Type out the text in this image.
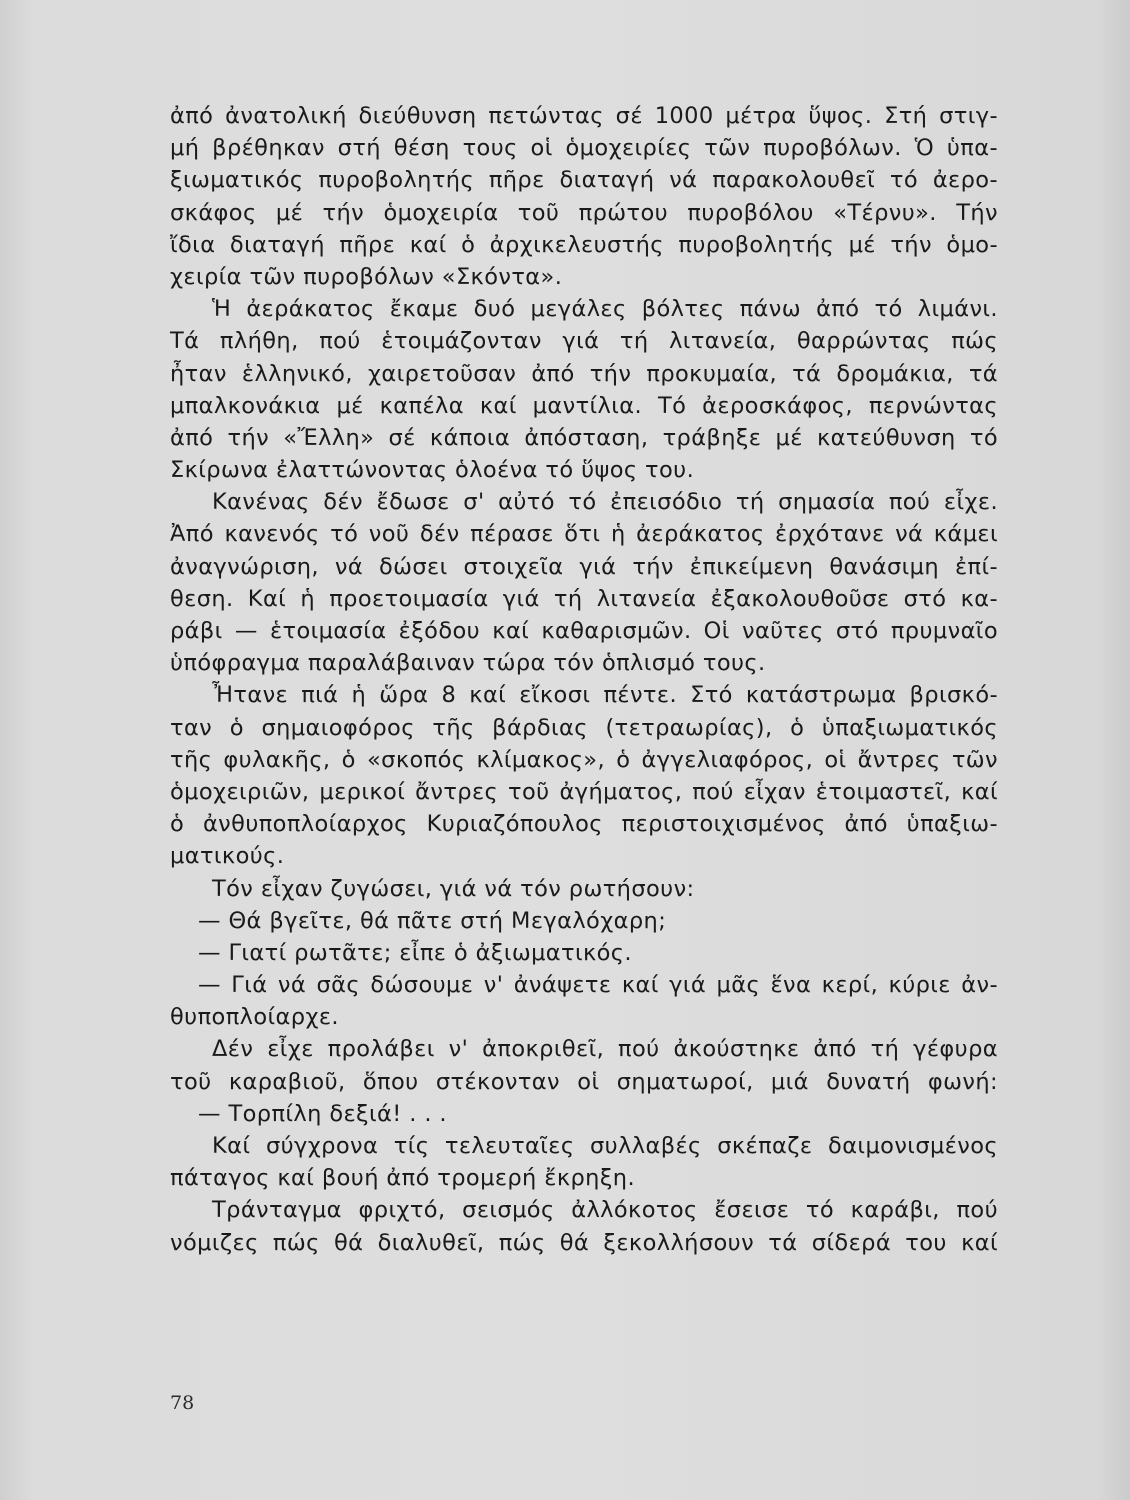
ἀπό ἀνατολική διεύθυνση πετώντας σέ 1000 μέτρα ὕψος. Στή στιγ-
μή βρέθηκαν στή θέση τους οἱ ὁμοχειρίες τῶν πυροβόλων. Ὁ ὑπα-
ξιωματικός πυροβολητής πῆρε διαταγή νά παρακολουθεῖ τό ἀερο-
σκάφος μέ τήν ὁμοχειρία τοῦ πρώτου πυροβόλου «Τέρνυ». Τήν
ἴδια διαταγή πῆρε καί ὁ ἀρχικελευστής πυροβολητής μέ τήν ὁμο-
χειρία τῶν πυροβόλων «Σκόντα».
Ἡ ἀεράκατος ἔκαμε δυό μεγάλες βόλτες πάνω ἀπό τό λιμάνι.
Τά πλήθη, πού ἑτοιμάζονταν γιά τή λιτανεία, θαρρώντας πώς
ἦταν ἑλληνικό, χαιρετοῦσαν ἀπό τήν προκυμαία, τά δρομάκια, τά
μπαλκονάκια μέ καπέλα καί μαντίλια. Τό ἀεροσκάφος, περνώντας
ἀπό τήν «Ἔλλη» σέ κάποια ἀπόσταση, τράβηξε μέ κατεύθυνση τό
Σκίρωνα ἐλαττώνοντας ὁλοένα τό ὕψος του.
Κανένας δέν ἔδωσε σ' αὐτό τό ἐπεισόδιο τή σημασία πού εἶχε.
Ἀπό κανενός τό νοῦ δέν πέρασε ὅτι ἡ ἀεράκατος ἐρχότανε νά κάμει
ἀναγνώριση, νά δώσει στοιχεῖα γιά τήν ἐπικείμενη θανάσιμη ἐπί-
θεση. Καί ἡ προετοιμασία γιά τή λιτανεία ἐξακολουθοῦσε στό κα-
ράβι — ἑτοιμασία ἐξόδου καί καθαρισμῶν. Οἱ ναῦτες στό πρυμναῖο
ὑπόφραγμα παραλάβαιναν τώρα τόν ὁπλισμό τους.
Ἦτανε πιά ἡ ὥρα 8 καί εἴκοσι πέντε. Στό κατάστρωμα βρισκό-
ταν ὁ σημαιοφόρος τῆς βάρδιας (τετραωρίας), ὁ ὑπαξιωματικός
τῆς φυλακῆς, ὁ «σκοπός κλίμακος», ὁ ἀγγελιαφόρος, οἱ ἄντρες τῶν
ὁμοχειριῶν, μερικοί ἄντρες τοῦ ἀγήματος, πού εἶχαν ἑτοιμαστεῖ, καί
ὁ ἀνθυποπλοίαρχος Κυριαζόπουλος περιστοιχισμένος ἀπό ὑπαξιω-
ματικούς.
Τόν εἶχαν ζυγώσει, γιά νά τόν ρωτήσουν:
— Θά βγεῖτε, θά πᾶτε στή Μεγαλόχαρη;
— Γιατί ρωτᾶτε; εἶπε ὁ ἀξιωματικός.
— Γιά νά σᾶς δώσουμε ν' ἀνάψετε καί γιά μᾶς ἕνα κερί, κύριε ἀν-
θυποπλοίαρχε.
Δέν εἶχε προλάβει ν' ἀποκριθεῖ, πού ἀκούστηκε ἀπό τή γέφυρα
τοῦ καραβιοῦ, ὅπου στέκονταν οἱ σηματωροί, μιά δυνατή φωνή:
— Τορπίλη δεξιά! . . .
Καί σύγχρονα τίς τελευταῖες συλλαβές σκέπαζε δαιμονισμένος
πάταγος καί βουή ἀπό τρομερή ἔκρηξη.
Τράνταγμα φριχτό, σεισμός ἀλλόκοτος ἔσεισε τό καράβι, πού
νόμιζες πώς θά διαλυθεῖ, πώς θά ξεκολλήσουν τά σίδερά του καί
78
